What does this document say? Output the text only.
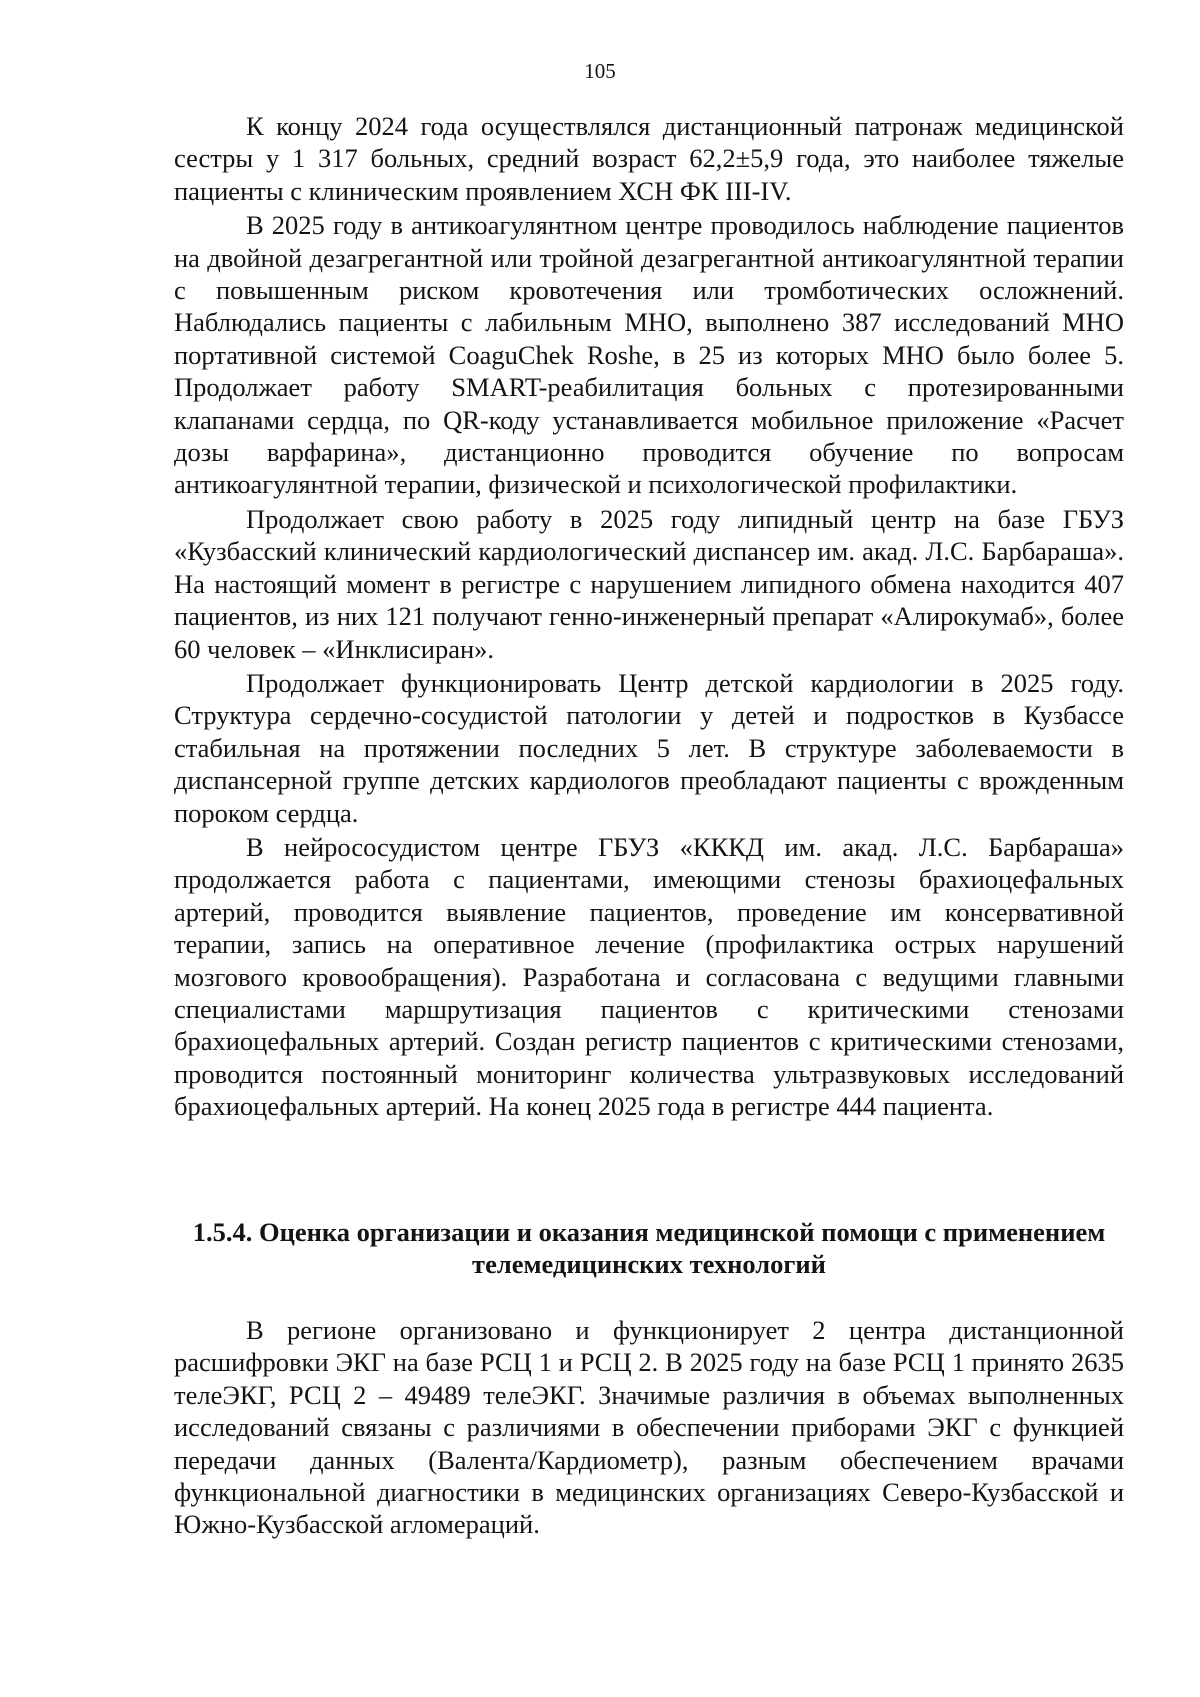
105

К концу 2024 года осуществлялся дистанционный патронаж медицинской сестры у 1 317 больных, средний возраст 62,2±5,9 года, это наиболее тяжелые пациенты с клиническим проявлением ХСН ФК III-IV.

В 2025 году в антикоагулянтном центре проводилось наблюдение пациентов на двойной дезагрегантной или тройной дезагрегантной антикоагулянтной терапии с повышенным риском кровотечения или тромботических осложнений. Наблюдались пациенты с лабильным МНО, выполнено 387 исследований МНО портативной системой CoaguChek Roshe, в 25 из которых МНО было более 5. Продолжает работу SMART-реабилитация больных с протезированными клапанами сердца, по QR-коду устанавливается мобильное приложение «Расчет дозы варфарина», дистанционно проводится обучение по вопросам антикоагулянтной терапии, физической и психологической профилактики.

Продолжает свою работу в 2025 году липидный центр на базе ГБУЗ «Кузбасский клинический кардиологический диспансер им. акад. Л.С. Барбараша». На настоящий момент в регистре с нарушением липидного обмена находится 407 пациентов, из них 121 получают генно-инженерный препарат «Алирокумаб», более 60 человек – «Инклисиран».

Продолжает функционировать Центр детской кардиологии в 2025 году. Структура сердечно-сосудистой патологии у детей и подростков в Кузбассе стабильная на протяжении последних 5 лет. В структуре заболеваемости в диспансерной группе детских кардиологов преобладают пациенты с врожденным пороком сердца.

В нейрососудистом центре ГБУЗ «КККД им. акад. Л.С. Барбараша» продолжается работа с пациентами, имеющими стенозы брахиоцефальных артерий, проводится выявление пациентов, проведение им консервативной терапии, запись на оперативное лечение (профилактика острых нарушений мозгового кровообращения). Разработана и согласована с ведущими главными специалистами маршрутизация пациентов с критическими стенозами брахиоцефальных артерий. Создан регистр пациентов с критическими стенозами, проводится постоянный мониторинг количества ультразвуковых исследований брахиоцефальных артерий. На конец 2025 года в регистре 444 пациента.

1.5.4. Оценка организации и оказания медицинской помощи с применением телемедицинских технологий

В регионе организовано и функционирует 2 центра дистанционной расшифровки ЭКГ на базе РСЦ 1 и РСЦ 2. В 2025 году на базе РСЦ 1 принято 2635 телеЭКГ, РСЦ 2 – 49489 телеЭКГ. Значимые различия в объемах выполненных исследований связаны с различиями в обеспечении приборами ЭКГ с функцией передачи данных (Валента/Кардиометр), разным обеспечением врачами функциональной диагностики в медицинских организациях Северо-Кузбасской и Южно-Кузбасской агломераций.
